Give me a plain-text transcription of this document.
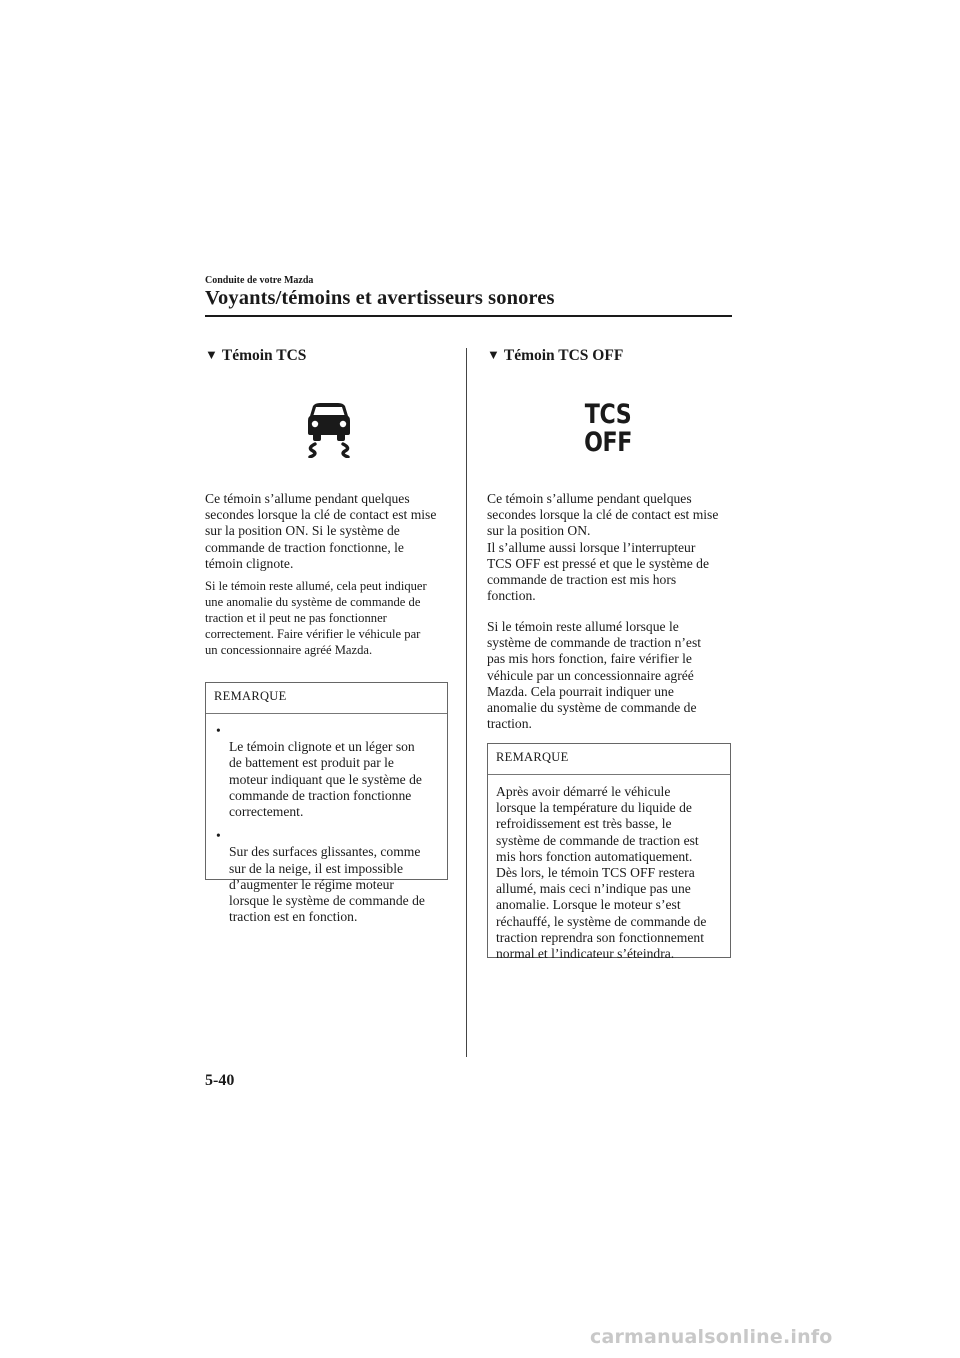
Conduite de votre Mazda
Voyants/témoins et avertisseurs sonores
▼ Témoin TCS
Ce témoin s’allume pendant quelques
secondes lorsque la clé de contact est mise
sur la position ON. Si le système de
commande de traction fonctionne, le
témoin clignote.
Si le témoin reste allumé, cela peut indiquer
une anomalie du système de commande de
traction et il peut ne pas fonctionner
correctement. Faire vérifier le véhicule par
un concessionnaire agréé Mazda.
REMARQUE

•
Le témoin clignote et un léger son
de battement est produit par le
moteur indiquant que le système de
commande de traction fonctionne
correctement.

•
Sur des surfaces glissantes, comme
sur de la neige, il est impossible
d’augmenter le régime moteur
lorsque le système de commande de
traction est en fonction.

▼ Témoin TCS OFF
TCS
OFF
Ce témoin s’allume pendant quelques
secondes lorsque la clé de contact est mise
sur la position ON.
Il s’allume aussi lorsque l’interrupteur
TCS OFF est pressé et que le système de
commande de traction est mis hors
fonction.
Si le témoin reste allumé lorsque le
système de commande de traction n’est
pas mis hors fonction, faire vérifier le
véhicule par un concessionnaire agréé
Mazda. Cela pourrait indiquer une
anomalie du système de commande de
traction.
REMARQUE
Après avoir démarré le véhicule
lorsque la température du liquide de
refroidissement est très basse, le
système de commande de traction est
mis hors fonction automatiquement.
Dès lors, le témoin TCS OFF restera
allumé, mais ceci n’indique pas une
anomalie. Lorsque le moteur s’est
réchauffé, le système de commande de
traction reprendra son fonctionnement
normal et l’indicateur s’éteindra.
5-40
carmanualsonline.info
